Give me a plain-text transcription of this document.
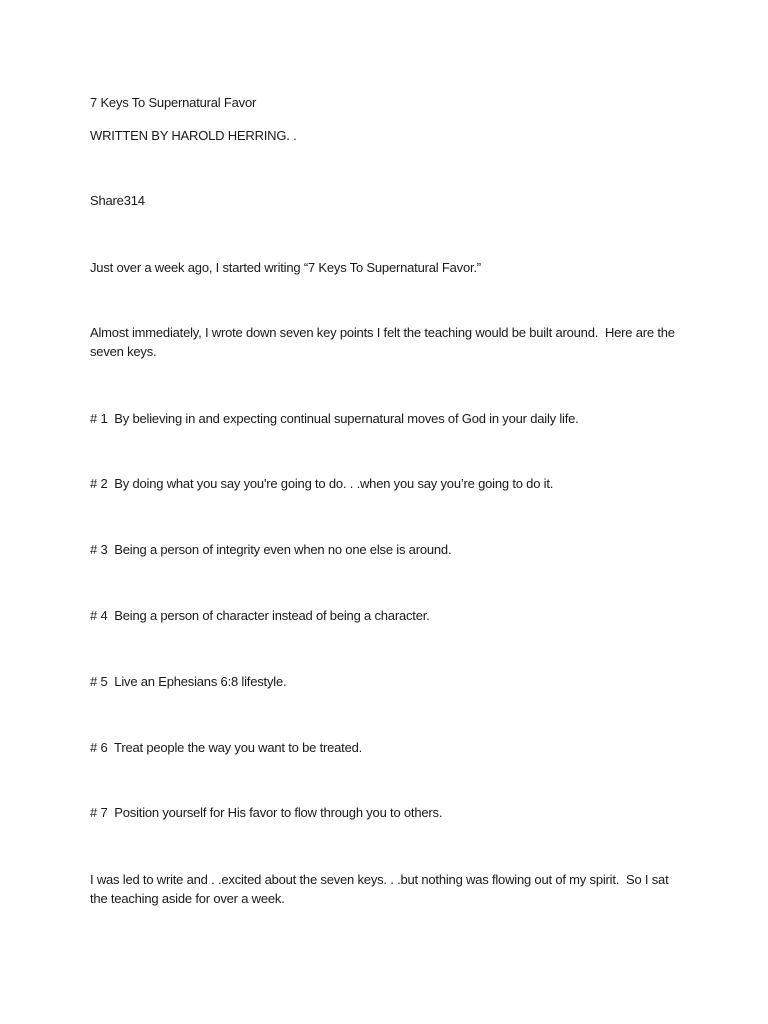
7 Keys To Supernatural Favor
WRITTEN BY HAROLD HERRING. .
Share314
Just over a week ago, I started writing “7 Keys To Supernatural Favor.”
Almost immediately, I wrote down seven key points I felt the teaching would be built around.  Here are the seven keys.
# 1  By believing in and expecting continual supernatural moves of God in your daily life.
# 2  By doing what you say you're going to do. . .when you say you’re going to do it.
# 3  Being a person of integrity even when no one else is around.
# 4  Being a person of character instead of being a character.
# 5  Live an Ephesians 6:8 lifestyle.
# 6  Treat people the way you want to be treated.
# 7  Position yourself for His favor to flow through you to others.
I was led to write and . .excited about the seven keys. . .but nothing was flowing out of my spirit.  So I sat the teaching aside for over a week.
